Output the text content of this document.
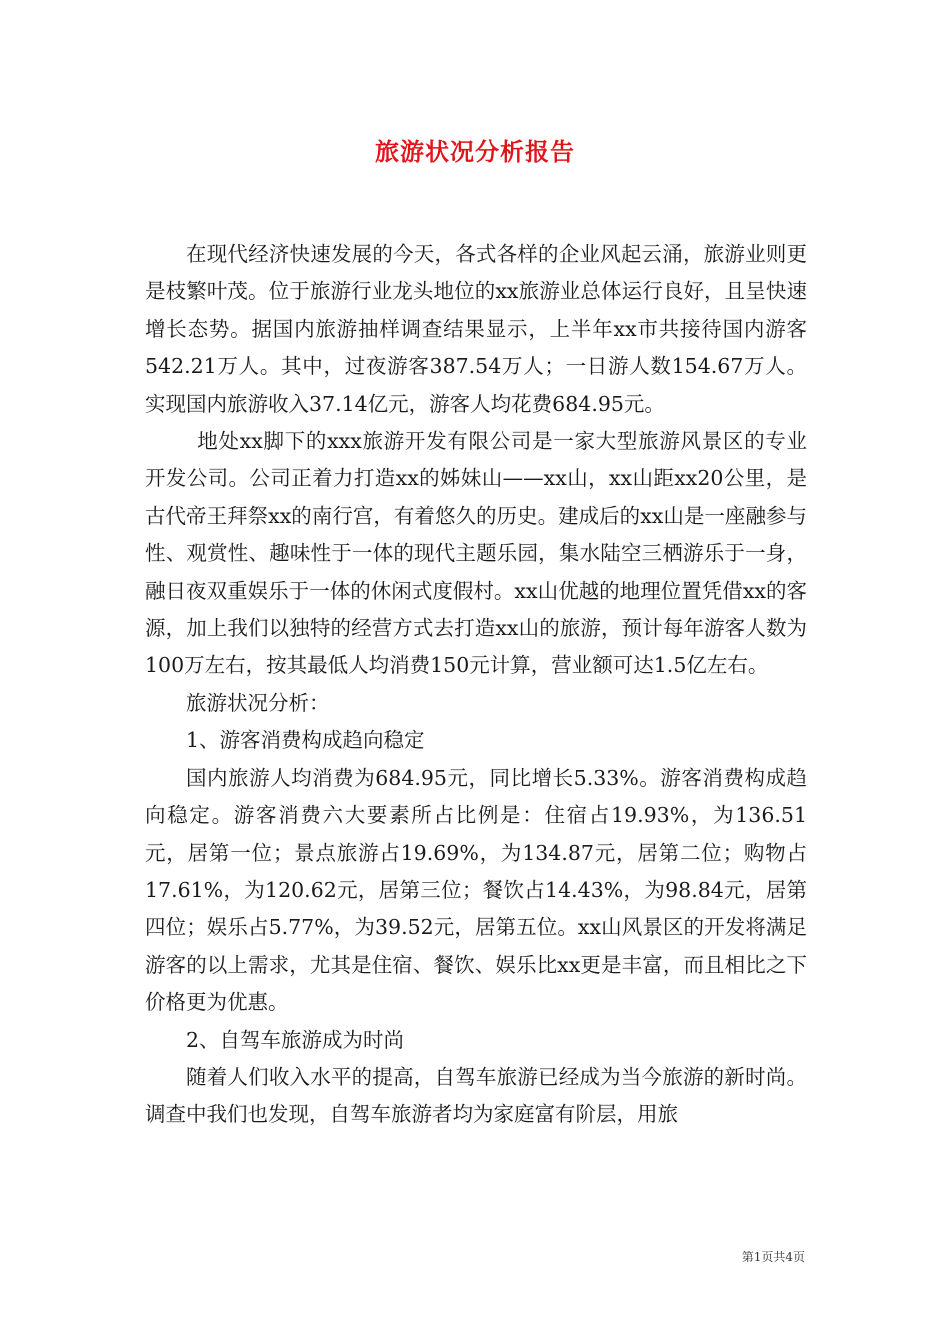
旅游状况分析报告

在现代经济快速发展的今天，各式各样的企业风起云涌，旅游业则更是枝繁叶茂。位于旅游行业龙头地位的xx旅游业总体运行良好，且呈快速增长态势。据国内旅游抽样调查结果显示，上半年xx市共接待国内游客542.21万人。其中，过夜游客387.54万人；一日游人数154.67万人。实现国内旅游收入37.14亿元，游客人均花费684.95元。

地处xx脚下的xxx旅游开发有限公司是一家大型旅游风景区的专业开发公司。公司正着力打造xx的姊妹山——xx山，xx山距xx20公里，是古代帝王拜祭xx的南行宫，有着悠久的历史。建成后的xx山是一座融参与性、观赏性、趣味性于一体的现代主题乐园，集水陆空三栖游乐于一身，融日夜双重娱乐于一体的休闲式度假村。xx山优越的地理位置凭借xx的客源，加上我们以独特的经营方式去打造xx山的旅游，预计每年游客人数为100万左右，按其最低人均消费150元计算，营业额可达1.5亿左右。

旅游状况分析：

1、游客消费构成趋向稳定

国内旅游人均消费为684.95元，同比增长5.33%。游客消费构成趋向稳定。游客消费六大要素所占比例是：住宿占19.93%，为136.51元，居第一位；景点旅游占19.69%，为134.87元，居第二位；购物占17.61%，为120.62元，居第三位；餐饮占14.43%，为98.84元，居第四位；娱乐占5.77%，为39.52元，居第五位。xx山风景区的开发将满足游客的以上需求，尤其是住宿、餐饮、娱乐比xx更是丰富，而且相比之下价格更为优惠。

2、自驾车旅游成为时尚

随着人们收入水平的提高，自驾车旅游已经成为当今旅游的新时尚。调查中我们也发现，自驾车旅游者均为家庭富有阶层，用旅

第1页共4页
